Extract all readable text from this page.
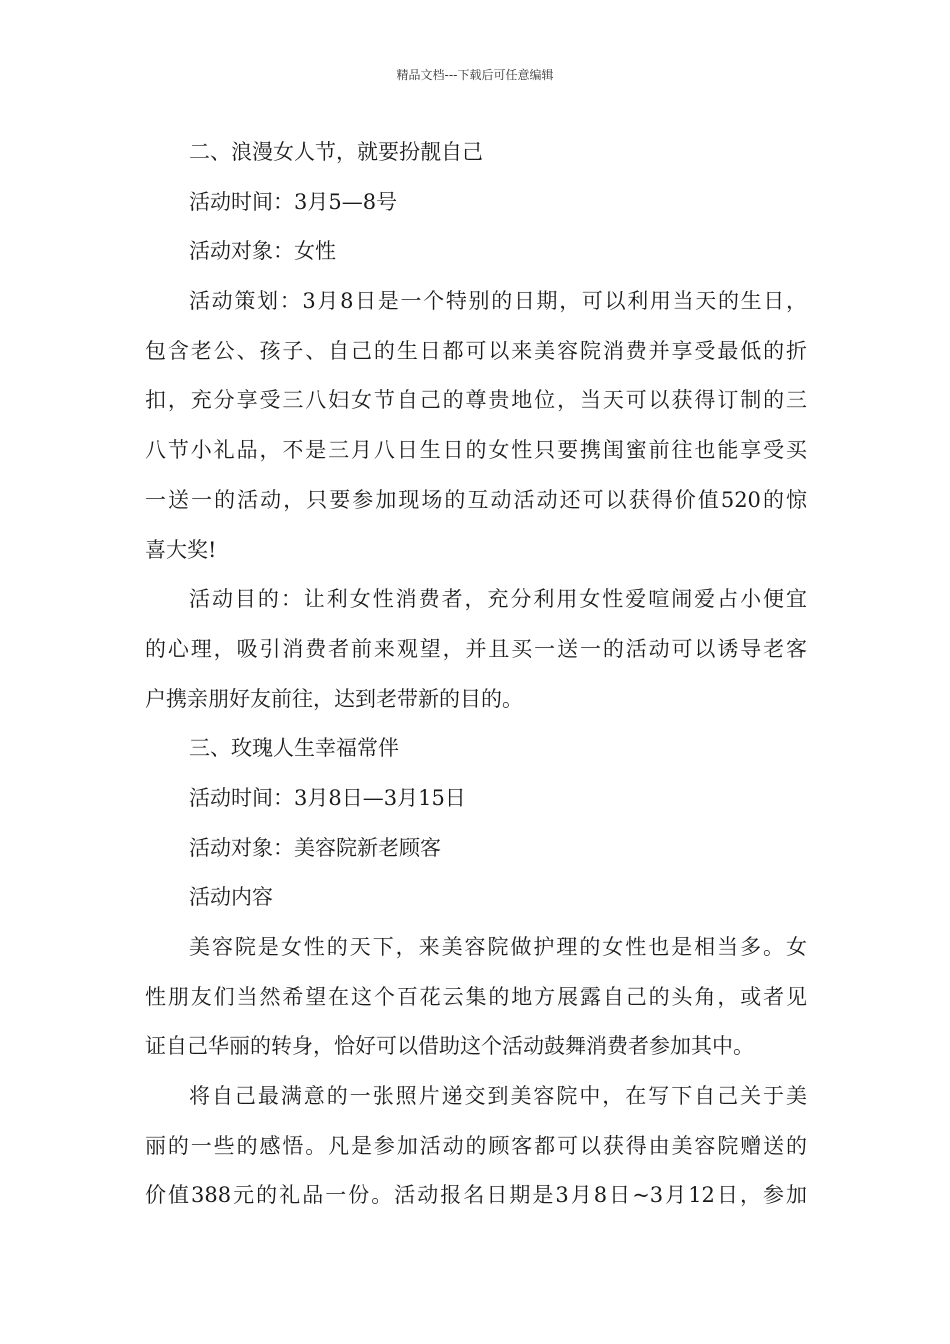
精品文档---下载后可任意编辑
二、浪漫女人节，就要扮靓自己
活动时间：3月5—8号
活动对象：女性
活动策划：3月8日是一个特别的日期，可以利用当天的生日，
包含老公、孩子、自己的生日都可以来美容院消费并享受最低的折
扣，充分享受三八妇女节自己的尊贵地位，当天可以获得订制的三
八节小礼品，不是三月八日生日的女性只要携闺蜜前往也能享受买
一送一的活动，只要参加现场的互动活动还可以获得价值520的惊
喜大奖!
活动目的：让利女性消费者，充分利用女性爱喧闹爱占小便宜
的心理，吸引消费者前来观望，并且买一送一的活动可以诱导老客
户携亲朋好友前往，达到老带新的目的。
三、玫瑰人生幸福常伴
活动时间：3月8日—3月15日
活动对象：美容院新老顾客
活动内容
美容院是女性的天下，来美容院做护理的女性也是相当多。女
性朋友们当然希望在这个百花云集的地方展露自己的头角，或者见
证自己华丽的转身，恰好可以借助这个活动鼓舞消费者参加其中。
将自己最满意的一张照片递交到美容院中，在写下自己关于美
丽的一些的感悟。凡是参加活动的顾客都可以获得由美容院赠送的
价值388元的礼品一份。活动报名日期是3月8日~3月12日，参加
